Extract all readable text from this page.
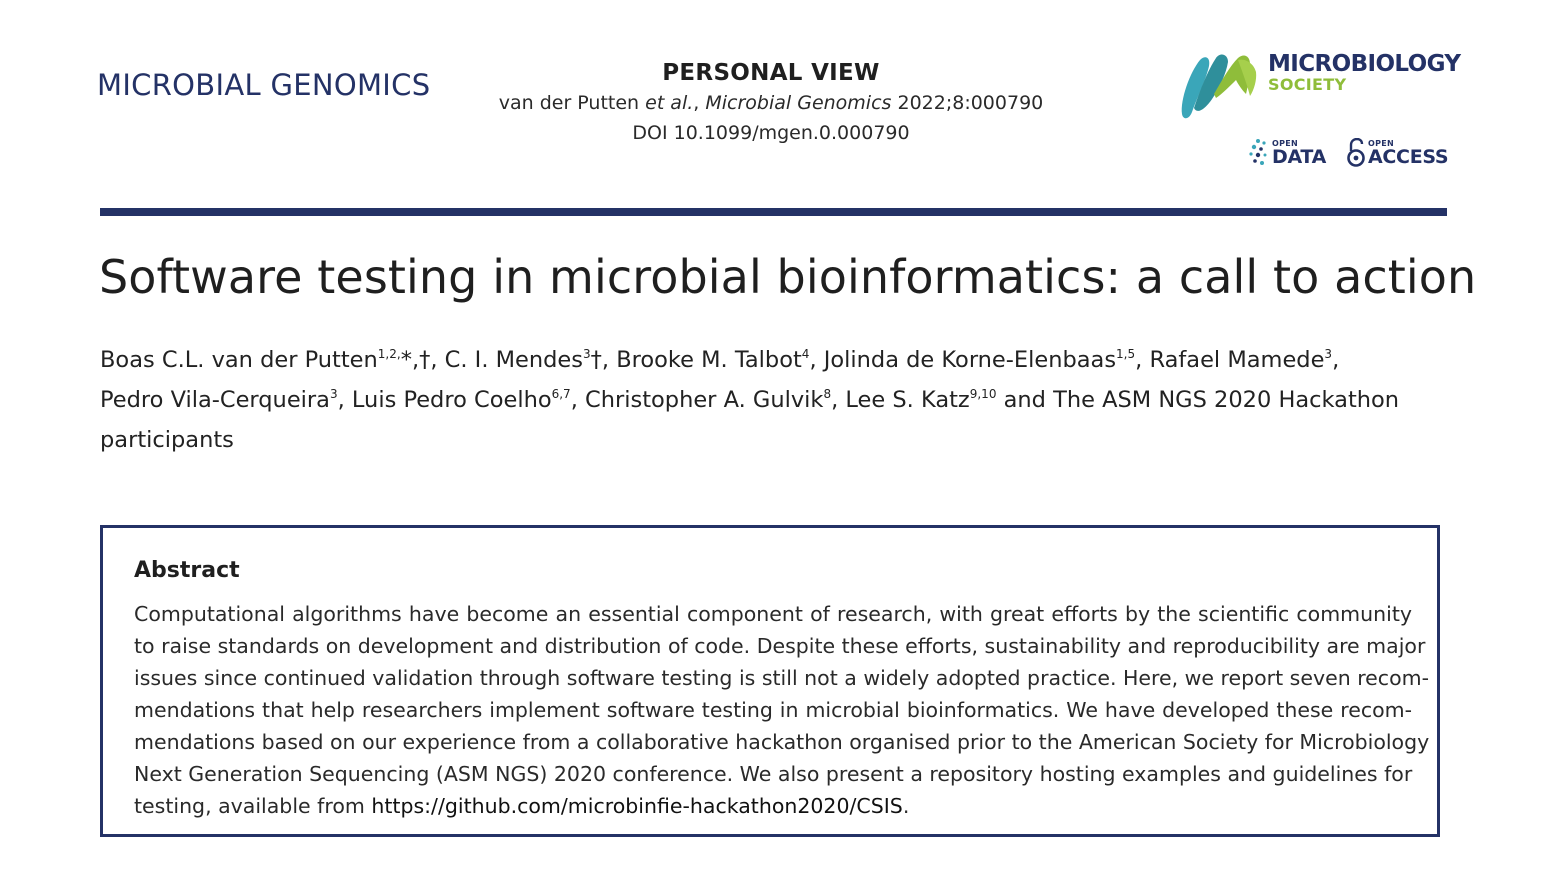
MICROBIAL GENOMICS	PERSONAL VIEW
van der Putten et al., Microbial Genomics 2022;8:000790
DOI 10.1099/mgen.0.000790
MICROBIOLOGY
SOCIETY
OPEN
DATA
OPEN
ACCESS
Software testing in microbial bioinformatics: a call to action
Boas C.L. van der Putten$^{1,2,}$*,†, C. I. Mendes$^3$†, Brooke M. Talbot$^4$, Jolinda de Korne-Elenbaas$^{1,5}$, Rafael Mamede$^3$,
Pedro Vila-Cerqueira$^3$, Luis Pedro Coelho$^{6,7}$, Christopher A. Gulvik$^8$, Lee S. Katz$^{9,10}$ and The ASM NGS 2020 Hackathon
participants
Abstract
Computational algorithms have become an essential component of research, with great efforts by the scientific community
to raise standards on development and distribution of code. Despite these efforts, sustainability and reproducibility are major
issues since continued validation through software testing is still not a widely adopted practice. Here, we report seven recom-
mendations that help researchers implement software testing in microbial bioinformatics. We have developed these recom-
mendations based on our experience from a collaborative hackathon organised prior to the American Society for Microbiology
Next Generation Sequencing (ASM NGS) 2020 conference. We also present a repository hosting examples and guidelines for
testing, available from https://github.com/microbinfie-hackathon2020/CSIS.
